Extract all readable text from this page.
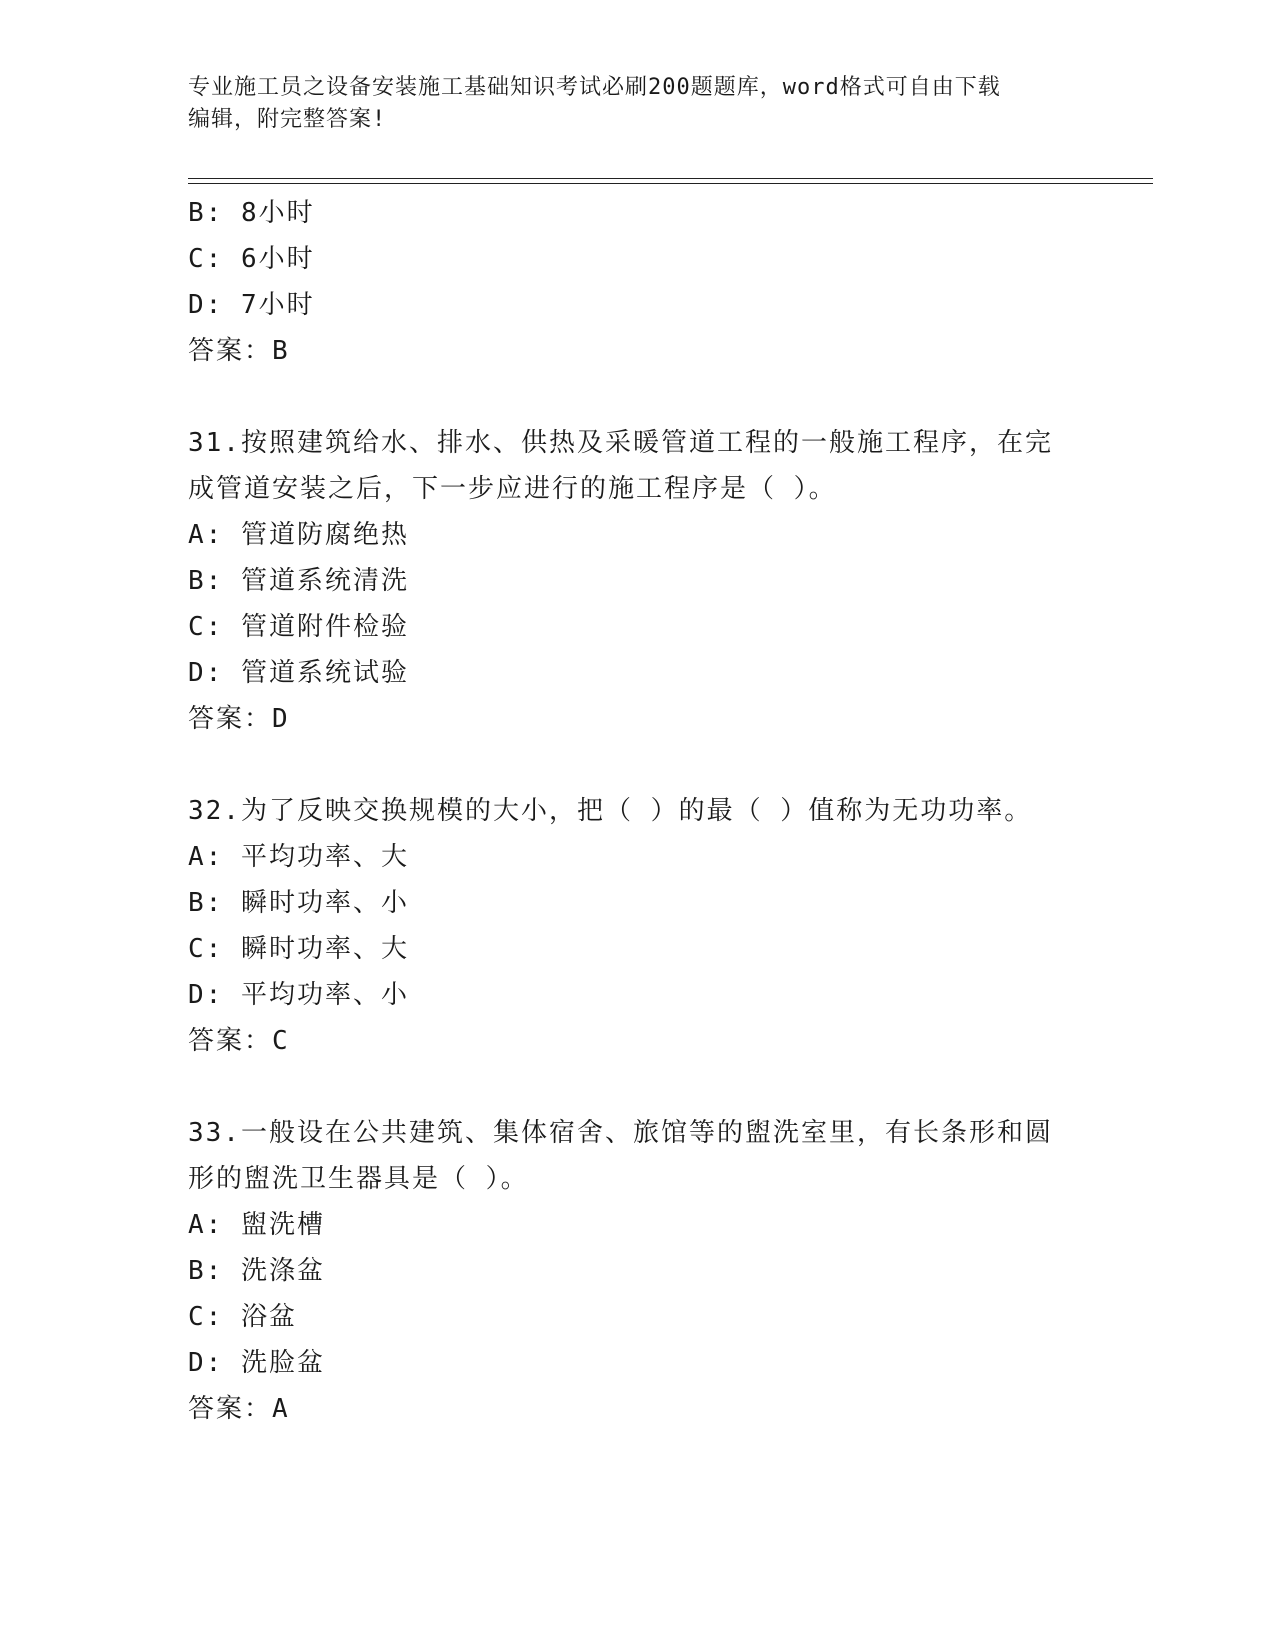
专业施工员之设备安装施工基础知识考试必刷200题题库，word格式可自由下载
编辑，附完整答案!
B: 8小时
C: 6小时
D: 7小时
答案：B
31.按照建筑给水、排水、供热及采暖管道工程的一般施工程序，在完
成管道安装之后，下一步应进行的施工程序是（ ）。
A: 管道防腐绝热
B: 管道系统清洗
C: 管道附件检验
D: 管道系统试验
答案：D
32.为了反映交换规模的大小，把（ ）的最（ ）值称为无功功率。
A: 平均功率、大
B: 瞬时功率、小
C: 瞬时功率、大
D: 平均功率、小
答案：C
33.一般设在公共建筑、集体宿舍、旅馆等的盥洗室里，有长条形和圆
形的盥洗卫生器具是（ ）。
A: 盥洗槽
B: 洗涤盆
C: 浴盆
D: 洗脸盆
答案：A
